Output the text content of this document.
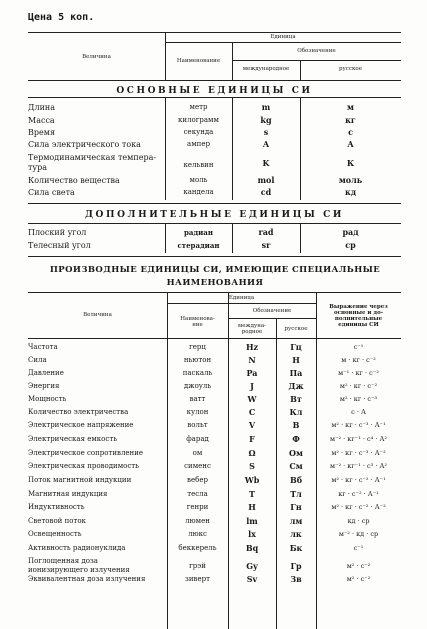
Цена 5 коп.
Величина
Единица
Наименование
Обозначение
международное	русское
ОСНОВНЫЕ ЕДИНИЦЫ СИ
Длина	метр	m	м
Масса	килограмм	kg	кг
Время	секунда	s	с
Сила электрического тока	ампер	A	А
Термодинамическая темпера-
тура	кельвин	K	К
Количество вещества	моль	mol	моль
Сила света	кандела	cd	кд
ДОПОЛНИТЕЛЬНЫЕ ЕДИНИЦЫ СИ
Плоский угол	радиан	rad	рад
Телесный угол	стерадиан	sr	ср
ПРОИЗВОДНЫЕ ЕДИНИЦЫ СИ, ИМЕЮЩИЕ СПЕЦИАЛЬНЫЕ
НАИМЕНОВАНИЯ
Величина
Единица
Наименова-
ние
Обозначение
междуна-
родное	русское
Выражение через
основные и до-
полнительные
единицы СИ
Частота	герц	Hz	Гц	с⁻¹
Сила	ньютон	N	Н	м · кг · с⁻²
Давление	паскаль	Pa	Па	м⁻¹ · кг · с⁻²
Энергия	джоуль	J	Дж	м² · кг · с⁻²
Мощность	ватт	W	Вт	м² · кг · с⁻³
Количество электричества	кулон	C	Кл	с · А
Электрическое напряжение	вольт	V	В	м² · кг · с⁻³ · А⁻¹
Электрическая емкость	фарад	F	Ф	м⁻² · кг⁻¹ · с⁴ · А²
Электрическое сопротивление	ом	Ω	Ом	м² · кг · с⁻³ · А⁻²
Электрическая проводимость	сименс	S	См	м⁻² · кг⁻¹ · с³ · А²
Поток магнитной индукции	вебер	Wb	Вб	м² · кг · с⁻² · А⁻¹
Магнитная индукция	тесла	T	Тл	кг · с⁻² · А⁻¹
Индуктивность	генри	H	Гн	м² · кг · с⁻² · А⁻²
Световой поток	люмен	lm	лм	кд · ср
Освещенность	люкс	lx	лк	м⁻² · кд · ср
Активность радионуклида	беккерель	Bq	Бк	с⁻¹
Поглощенная доза
ионизирующего излучения	грэй	Gy	Гр	м² · с⁻²
Эквивалентная доза излучения	зиверт	Sv	Зв	м² · с⁻²
